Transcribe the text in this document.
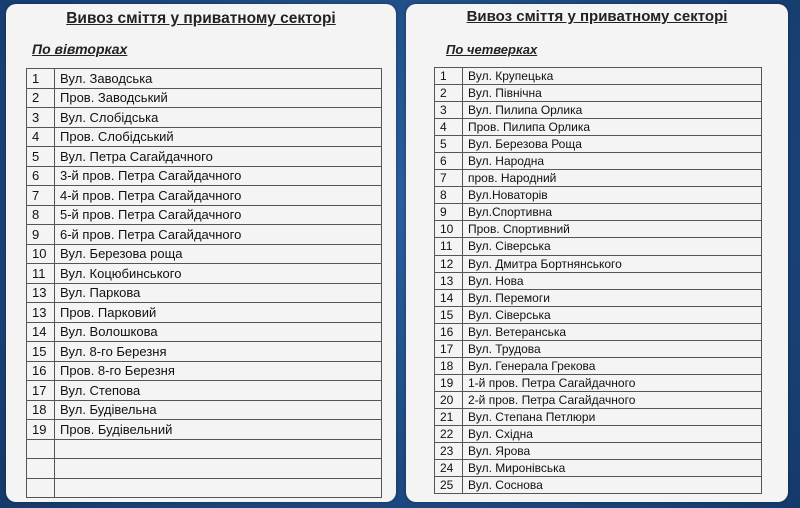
Вивоз сміття у приватному секторі
По вівторках
1	Вул. Заводська
2	Пров. Заводський
3	Вул. Слобідська
4	Пров. Слобідський
5	Вул. Петра Сагайдачного
6	3-й пров. Петра Сагайдачного
7	4-й пров. Петра Сагайдачного
8	5-й пров. Петра Сагайдачного
9	6-й пров. Петра Сагайдачного
10	Вул. Березова роща
11	Вул. Коцюбинського
13	Вул. Паркова
13	Пров. Парковий
14	Вул. Волошкова
15	Вул. 8-го Березня
16	Пров. 8-го Березня
17	Вул. Степова
18	Вул. Будівельна
19	Пров. Будівельний

Вивоз сміття у приватному секторі
По четверках
1	Вул. Крупецька
2	Вул. Північна
3	Вул. Пилипа Орлика
4	Пров. Пилипа Орлика
5	Вул. Березова Роща
6	Вул. Народна
7	пров. Народний
8	Вул.Новаторів
9	Вул.Спортивна
10	Пров. Спортивний
11	Вул. Сіверська
12	Вул. Дмитра Бортнянського
13	Вул. Нова
14	Вул. Перемоги
15	Вул. Сіверська
16	Вул. Ветеранська
17	Вул. Трудова
18	Вул. Генерала Грекова
19	1-й пров. Петра Сагайдачного
20	2-й пров. Петра Сагайдачного
21	Вул. Степана Петлюри
22	Вул. Східна
23	Вул. Ярова
24	Вул. Миронівська
25	Вул. Соснова
